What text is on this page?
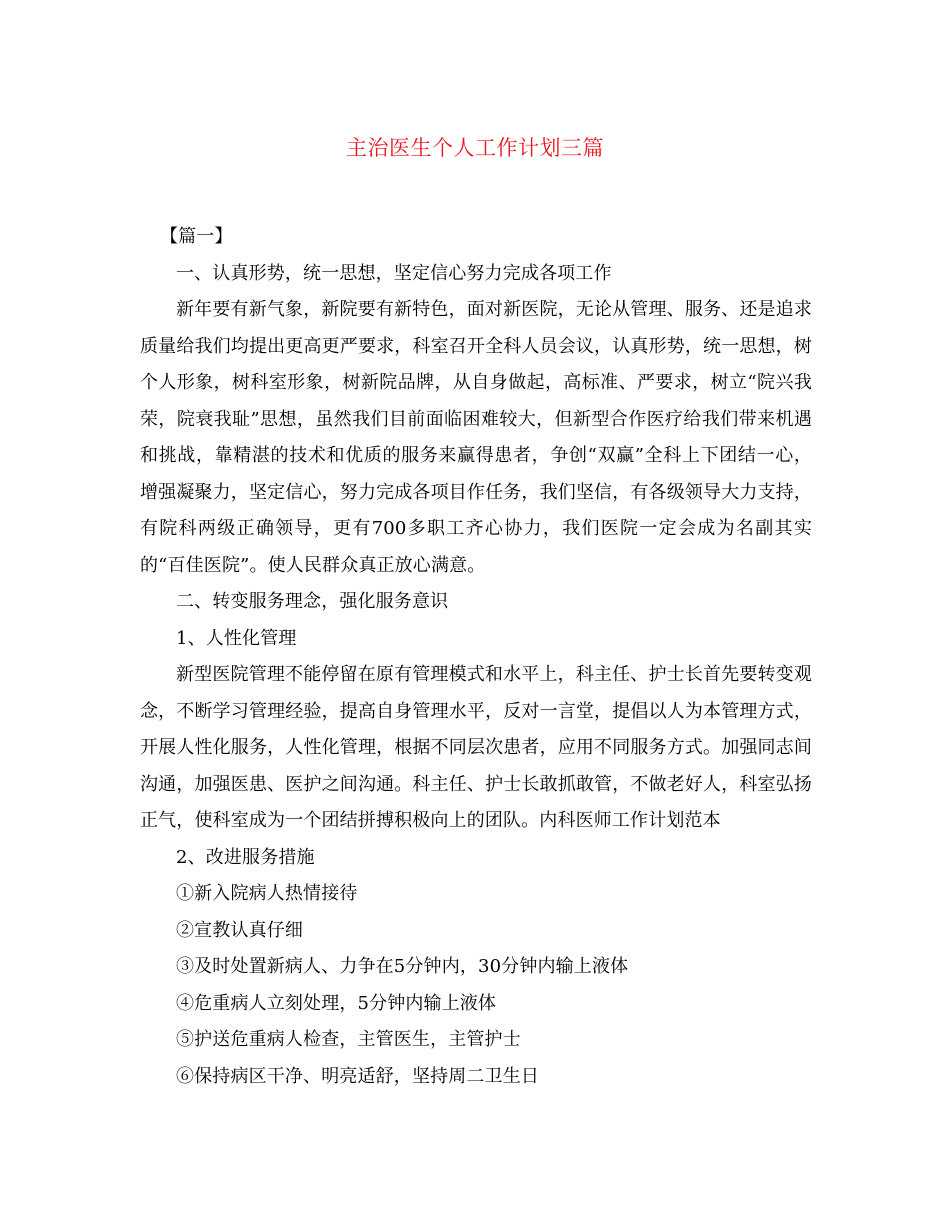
主治医生个人工作计划三篇

【篇一】

一、认真形势，统一思想，坚定信心努力完成各项工作

新年要有新气象，新院要有新特色，面对新医院，无论从管理、服务、还是追求质量给我们均提出更高更严要求，科室召开全科人员会议，认真形势，统一思想，树个人形象，树科室形象，树新院品牌，从自身做起，高标准、严要求，树立“院兴我荣，院衰我耻”思想，虽然我们目前面临困难较大，但新型合作医疗给我们带来机遇和挑战，靠精湛的技术和优质的服务来赢得患者，争创“双赢”全科上下团结一心，增强凝聚力，坚定信心，努力完成各项目作任务，我们坚信，有各级领导大力支持，有院科两级正确领导，更有700多职工齐心协力，我们医院一定会成为名副其实的“百佳医院”。使人民群众真正放心满意。

二、转变服务理念，强化服务意识

1、人性化管理

新型医院管理不能停留在原有管理模式和水平上，科主任、护士长首先要转变观念，不断学习管理经验，提高自身管理水平，反对一言堂，提倡以人为本管理方式，开展人性化服务，人性化管理，根据不同层次患者，应用不同服务方式。加强同志间沟通，加强医患、医护之间沟通。科主任、护士长敢抓敢管，不做老好人，科室弘扬正气，使科室成为一个团结拼搏积极向上的团队。内科医师工作计划范本

2、改进服务措施

①新入院病人热情接待

②宣教认真仔细

③及时处置新病人、力争在5分钟内，30分钟内输上液体

④危重病人立刻处理，5分钟内输上液体

⑤护送危重病人检查，主管医生，主管护士

⑥保持病区干净、明亮适舒，坚持周二卫生日
